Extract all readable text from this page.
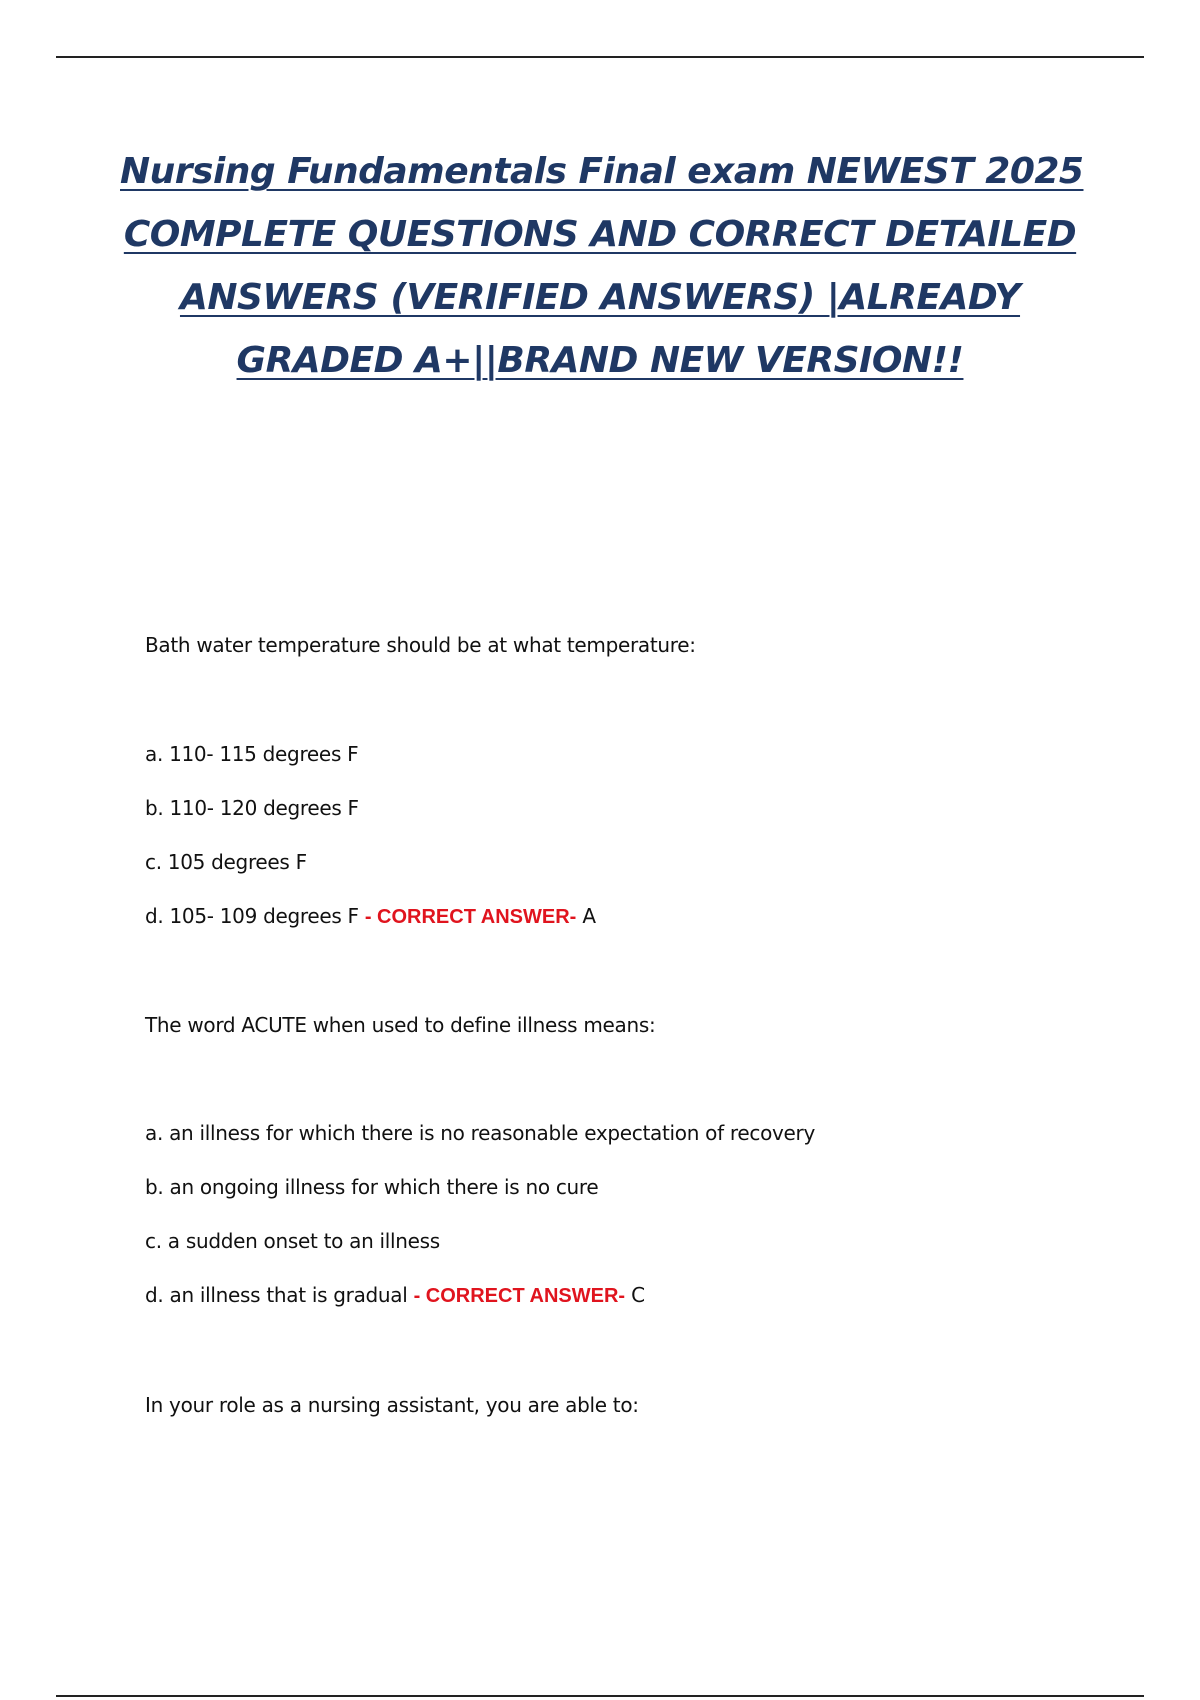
Nursing Fundamentals Final exam NEWEST 2025
COMPLETE QUESTIONS AND CORRECT DETAILED
ANSWERS (VERIFIED ANSWERS) |ALREADY
GRADED A+||BRAND NEW VERSION!!
Bath water temperature should be at what temperature:
a. 110- 115 degrees F
b. 110- 120 degrees F
c. 105 degrees F
d. 105- 109 degrees F - CORRECT ANSWER- A
The word ACUTE when used to define illness means:
a. an illness for which there is no reasonable expectation of recovery
b. an ongoing illness for which there is no cure
c. a sudden onset to an illness
d. an illness that is gradual - CORRECT ANSWER- C
In your role as a nursing assistant, you are able to:
